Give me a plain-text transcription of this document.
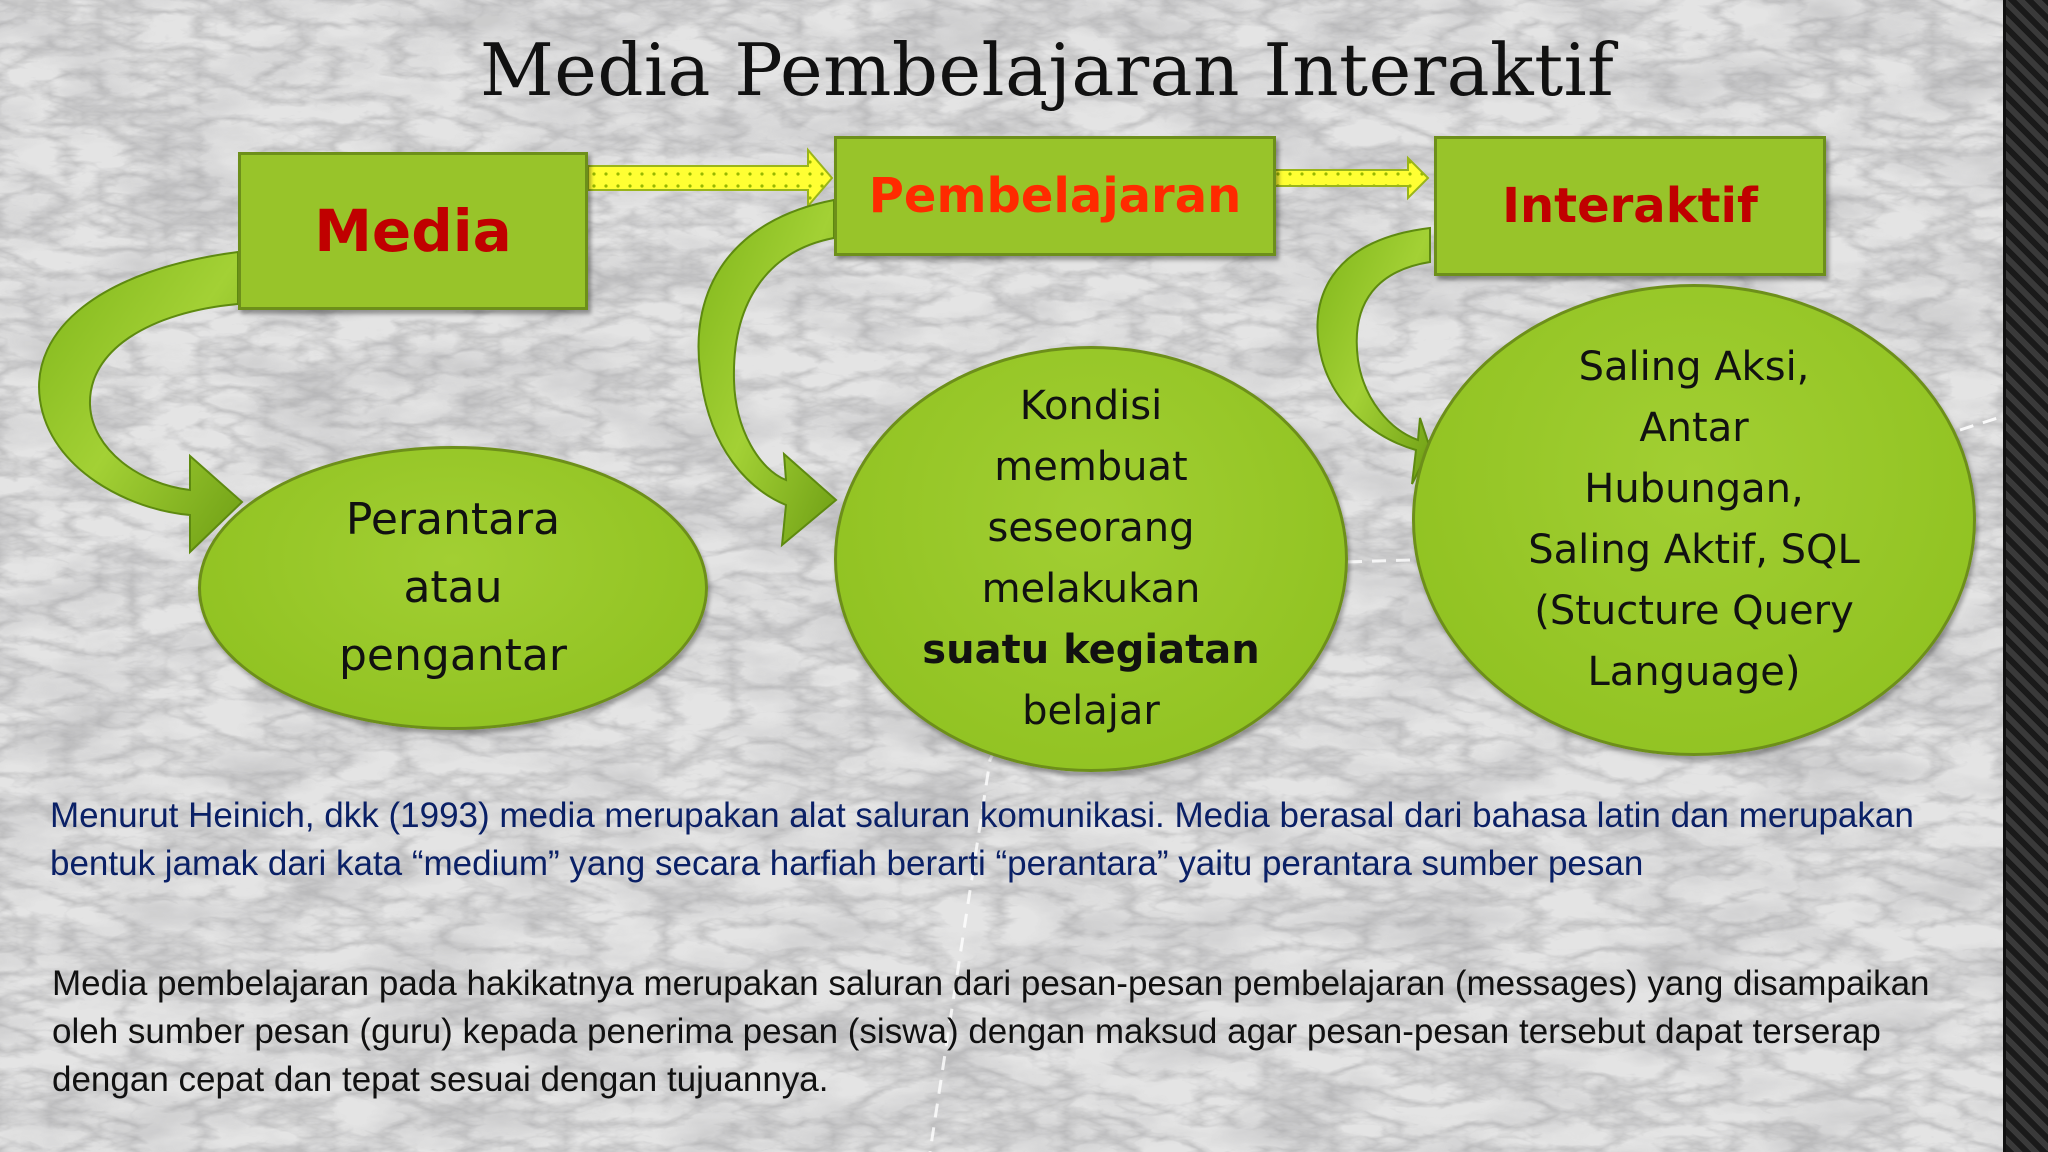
Media Pembelajaran Interaktif
Media
Pembelajaran	Interaktif
Perantara
atau
pengantar
Kondisi
membuat
seseorang
melakukan
suatu kegiatan
belajar
Saling Aksi,
Antar
Hubungan,
Saling Aktif, SQL
(Stucture Query
Language)
Menurut Heinich, dkk (1993) media merupakan alat saluran komunikasi. Media berasal dari bahasa latin dan merupakan bentuk jamak dari kata “medium” yang secara harfiah berarti “perantara” yaitu perantara sumber pesan
Media pembelajaran pada hakikatnya merupakan saluran dari pesan-pesan pembelajaran (messages) yang disampaikan oleh sumber pesan (guru) kepada penerima pesan (siswa) dengan maksud agar pesan-pesan tersebut dapat terserap dengan cepat dan tepat sesuai dengan tujuannya.
